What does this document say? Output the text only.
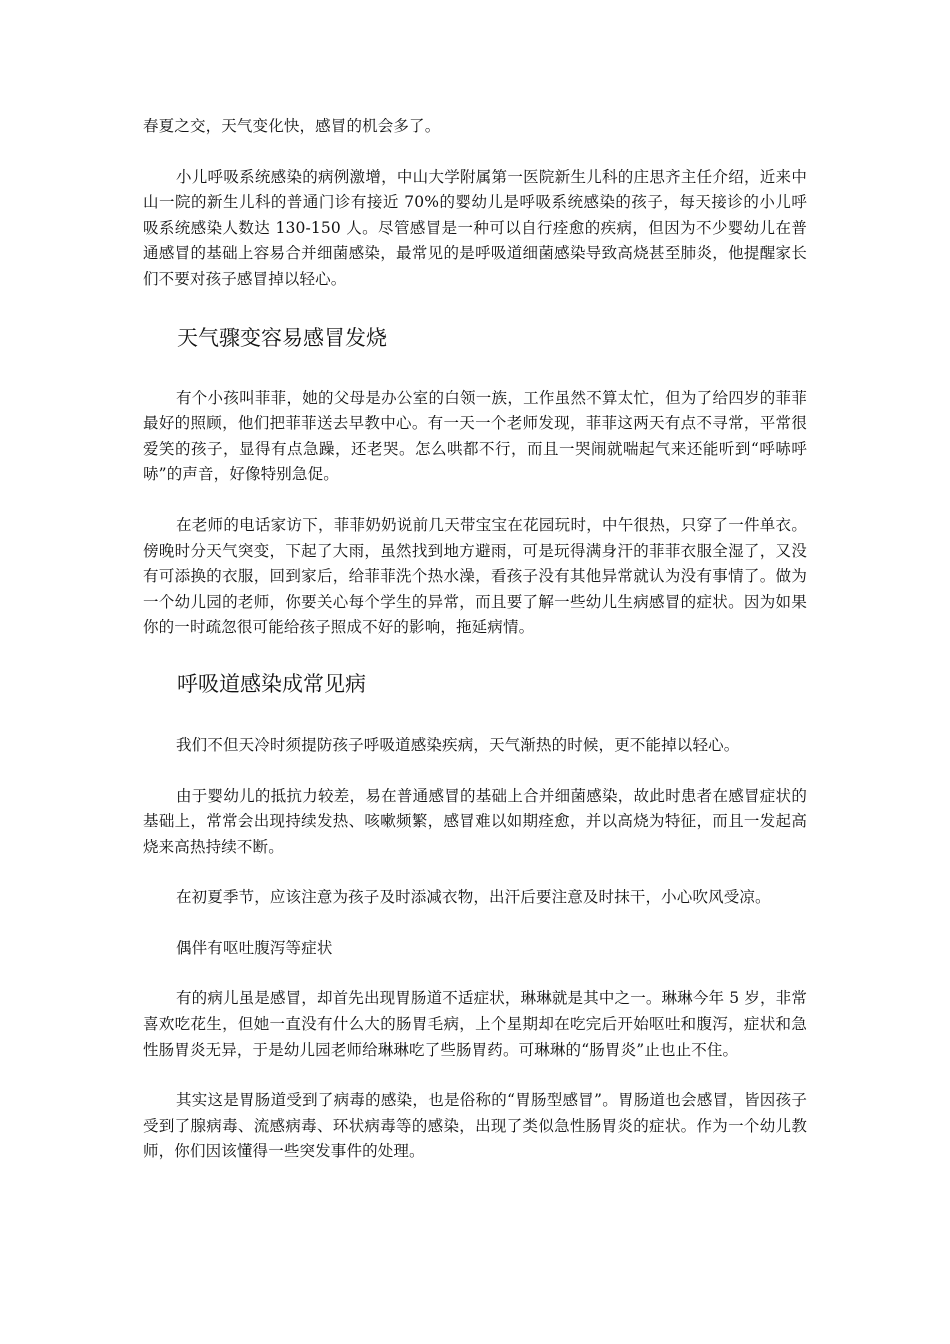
春夏之交，天气变化快，感冒的机会多了。

小儿呼吸系统感染的病例激增，中山大学附属第一医院新生儿科的庄思齐主任介绍，近来中山一院的新生儿科的普通门诊有接近 70%的婴幼儿是呼吸系统感染的孩子，每天接诊的小儿呼吸系统感染人数达 130-150 人。尽管感冒是一种可以自行痊愈的疾病，但因为不少婴幼儿在普通感冒的基础上容易合并细菌感染，最常见的是呼吸道细菌感染导致高烧甚至肺炎，他提醒家长们不要对孩子感冒掉以轻心。

天气骤变容易感冒发烧

有个小孩叫菲菲，她的父母是办公室的白领一族，工作虽然不算太忙，但为了给四岁的菲菲最好的照顾，他们把菲菲送去早教中心。有一天一个老师发现，菲菲这两天有点不寻常，平常很爱笑的孩子，显得有点急躁，还老哭。怎么哄都不行，而且一哭闹就喘起气来还能听到“呼哧呼哧”的声音，好像特别急促。

在老师的电话家访下，菲菲奶奶说前几天带宝宝在花园玩时，中午很热，只穿了一件单衣。傍晚时分天气突变，下起了大雨，虽然找到地方避雨，可是玩得满身汗的菲菲衣服全湿了，又没有可添换的衣服，回到家后，给菲菲洗个热水澡，看孩子没有其他异常就认为没有事情了。做为一个幼儿园的老师，你要关心每个学生的异常，而且要了解一些幼儿生病感冒的症状。因为如果你的一时疏忽很可能给孩子照成不好的影响，拖延病情。

呼吸道感染成常见病

我们不但天冷时须提防孩子呼吸道感染疾病，天气渐热的时候，更不能掉以轻心。

由于婴幼儿的抵抗力较差，易在普通感冒的基础上合并细菌感染，故此时患者在感冒症状的基础上，常常会出现持续发热、咳嗽频繁，感冒难以如期痊愈，并以高烧为特征，而且一发起高烧来高热持续不断。

在初夏季节，应该注意为孩子及时添减衣物，出汗后要注意及时抹干，小心吹风受凉。

偶伴有呕吐腹泻等症状

有的病儿虽是感冒，却首先出现胃肠道不适症状，琳琳就是其中之一。琳琳今年 5 岁，非常喜欢吃花生，但她一直没有什么大的肠胃毛病，上个星期却在吃完后开始呕吐和腹泻，症状和急性肠胃炎无异，于是幼儿园老师给琳琳吃了些肠胃药。可琳琳的“肠胃炎”止也止不住。

其实这是胃肠道受到了病毒的感染，也是俗称的“胃肠型感冒”。胃肠道也会感冒，皆因孩子受到了腺病毒、流感病毒、环状病毒等的感染，出现了类似急性肠胃炎的症状。作为一个幼儿教师，你们因该懂得一些突发事件的处理。
